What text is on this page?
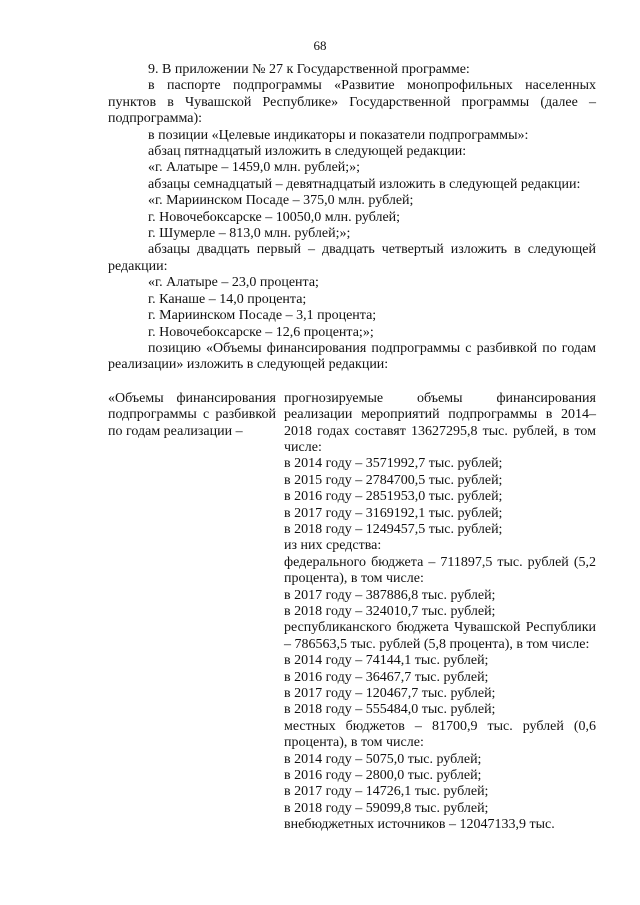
68

9. В приложении № 27 к Государственной программе:

в паспорте подпрограммы «Развитие монопрофильных населенных пунктов в Чувашской Республике» Государственной программы (далее – подпрограмма):

в позиции «Целевые индикаторы и показатели подпрограммы»:

абзац пятнадцатый изложить в следующей редакции:

«г. Алатыре – 1459,0 млн. рублей;»;

абзацы семнадцатый – девятнадцатый изложить в следующей редакции:

«г. Мариинском Посаде – 375,0 млн. рублей;

г. Новочебоксарске – 10050,0 млн. рублей;

г. Шумерле – 813,0 млн. рублей;»;

абзацы двадцать первый – двадцать четвертый изложить в следующей редакции:

«г. Алатыре – 23,0 процента;

г. Канаше – 14,0 процента;

г. Мариинском Посаде – 3,1 процента;

г. Новочебоксарске – 12,6 процента;»;

позицию «Объемы финансирования подпрограммы с разбивкой по годам реализации» изложить в следующей редакции:

«Объемы финансирования подпрограммы с разбивкой по годам реализации –

прогнозируемые объемы финансирования реализации мероприятий подпрограммы в 2014–2018 годах составят 13627295,8 тыс. рублей, в том числе:

в 2014 году – 3571992,7 тыс. рублей;

в 2015 году – 2784700,5 тыс. рублей;

в 2016 году – 2851953,0 тыс. рублей;

в 2017 году – 3169192,1 тыс. рублей;

в 2018 году – 1249457,5 тыс. рублей;

из них средства:

федерального бюджета – 711897,5 тыс. рублей (5,2 процента), в том числе:

в 2017 году – 387886,8 тыс. рублей;

в 2018 году – 324010,7 тыс. рублей;

республиканского бюджета Чувашской Республики – 786563,5 тыс. рублей (5,8 процента), в том числе:

в 2014 году – 74144,1 тыс. рублей;

в 2016 году – 36467,7 тыс. рублей;

в 2017 году – 120467,7 тыс. рублей;

в 2018 году – 555484,0 тыс. рублей;

местных бюджетов – 81700,9 тыс. рублей (0,6 процента), в том числе:

в 2014 году – 5075,0 тыс. рублей;

в 2016 году – 2800,0 тыс. рублей;

в 2017 году – 14726,1 тыс. рублей;

в 2018 году – 59099,8 тыс. рублей;

внебюджетных источников – 12047133,9 тыс.
